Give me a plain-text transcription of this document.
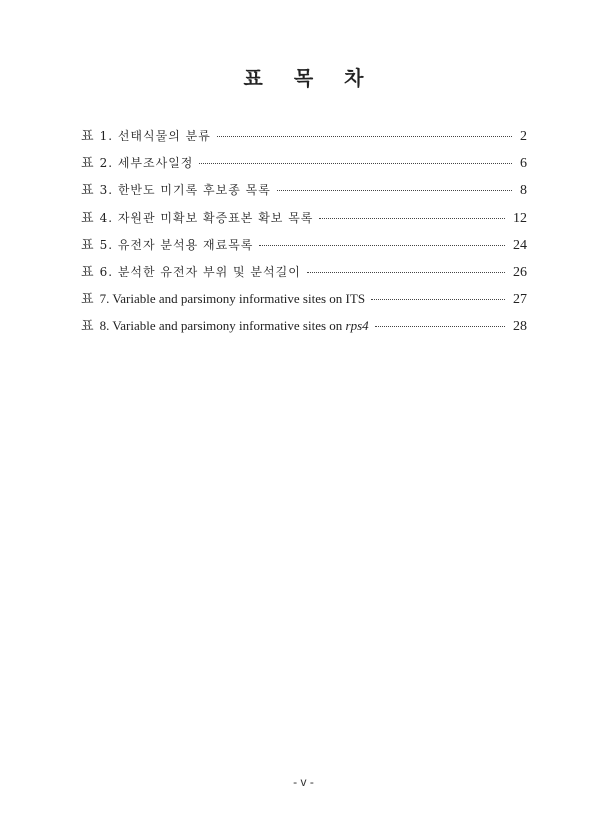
표 목 차
표 1. 선태식물의 분류	2
표 2. 세부조사일정	6
표 3. 한반도 미기록 후보종 목록	8
표 4. 자원관 미확보 확증표본 확보 목록	12
표 5. 유전자 분석용 재료목록	24
표 6. 분석한 유전자 부위 및 분석길이	26
표 7. Variable and parsimony informative sites on ITS	27
표 8. Variable and parsimony informative sites on rps4	28
- v -
